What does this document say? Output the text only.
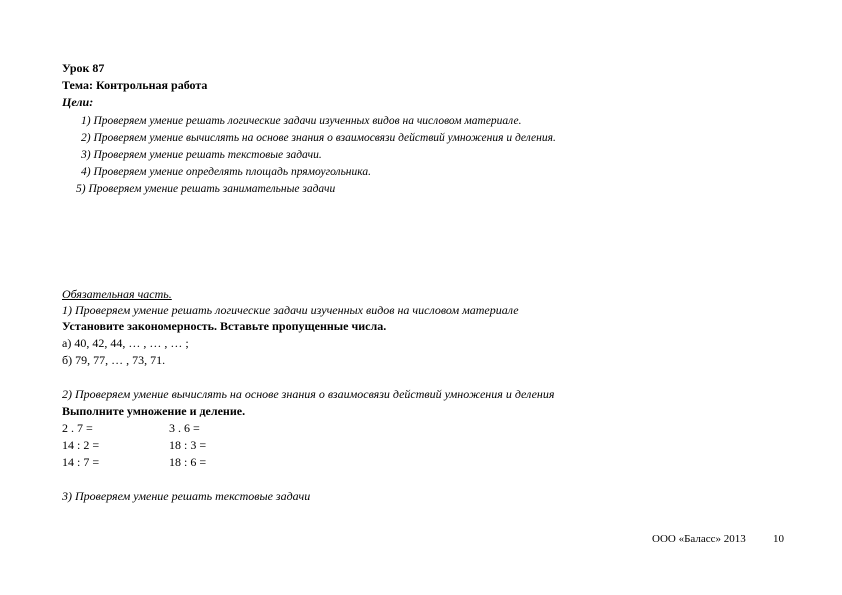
Урок 87
Тема: Контрольная работа
Цели:
1) Проверяем умение решать логические задачи изученных видов на числовом материале.
2) Проверяем умение вычислять на основе знания о взаимосвязи действий умножения и деления.
3) Проверяем умение решать текстовые задачи.
4) Проверяем умение определять площадь прямоугольника.
5) Проверяем умение решать занимательные задачи
Обязательная часть.
1) Проверяем умение решать логические задачи изученных видов на числовом материале
Установите закономерность. Вставьте пропущенные числа.
а) 40, 42, 44, … , … , … ;
б) 79, 77, … , 73, 71.
2) Проверяем умение вычислять на основе знания о взаимосвязи действий умножения и деления
Выполните умножение и деление.
2 . 7 =	3 . 6 =
14 : 2 =	18 : 3 =
14 : 7 =	18 : 6 =
3) Проверяем умение решать текстовые задачи
ООО «Баласс» 2013 10
